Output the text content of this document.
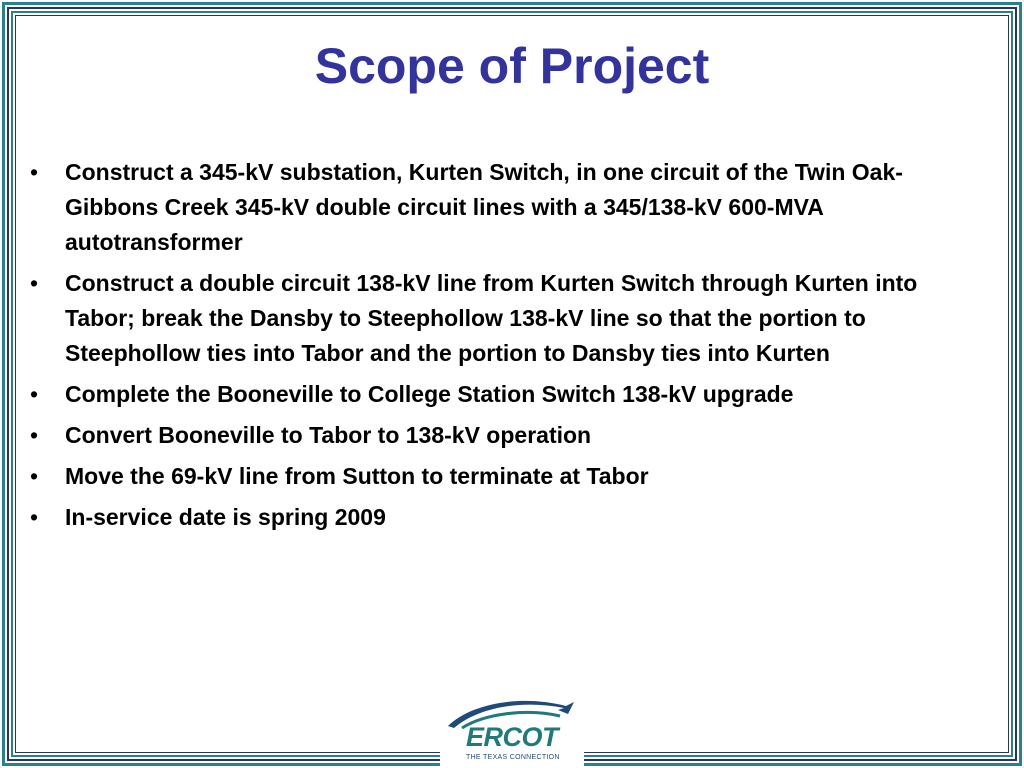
Scope of Project
•	Construct a 345-kV substation, Kurten Switch, in one circuit of the Twin Oak-Gibbons Creek 345-kV double circuit lines with a 345/138-kV 600-MVA autotransformer
•	Construct a double circuit 138-kV line from Kurten Switch through Kurten into Tabor; break the Dansby to Steephollow 138-kV line so that the portion to Steephollow ties into Tabor and the portion to Dansby ties into Kurten
•	Complete the Booneville to College Station Switch 138-kV upgrade
•	Convert Booneville to Tabor to 138-kV operation
•	Move the 69-kV line from Sutton to terminate at Tabor
•	In-service date is spring 2009
ERCOT
THE TEXAS CONNECTION
